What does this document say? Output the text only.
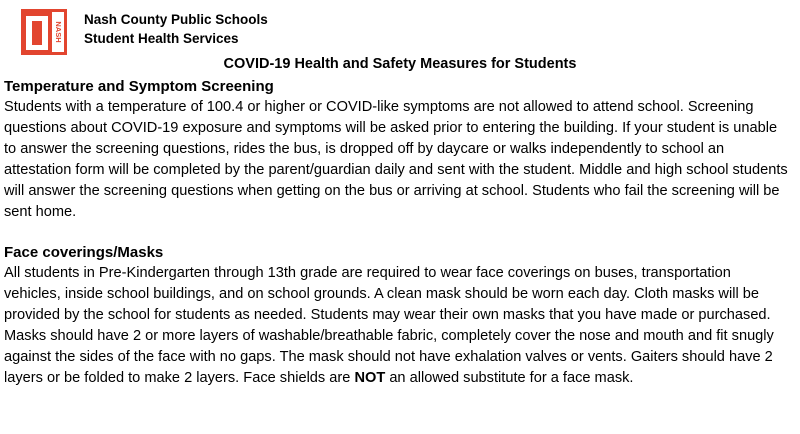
NASH
Nash County Public Schools
Student Health Services
COVID-19 Health and Safety Measures for Students

Temperature and Symptom Screening

Students with a temperature of 100.4 or higher or COVID-like symptoms are not allowed to attend school. Screening questions about COVID-19 exposure and symptoms will be asked prior to entering the building. If your student is unable to answer the screening questions, rides the bus, is dropped off by daycare or walks independently to school an attestation form will be completed by the parent/guardian daily and sent with the student. Middle and high school students will answer the screening questions when getting on the bus or arriving at school. Students who fail the screening will be sent home.

Face coverings/Masks

All students in Pre-Kindergarten through 13th grade are required to wear face coverings on buses, transportation vehicles, inside school buildings, and on school grounds. A clean mask should be worn each day. Cloth masks will be provided by the school for students as needed. Students may wear their own masks that you have made or purchased. Masks should have 2 or more layers of washable/breathable fabric, completely cover the nose and mouth and fit snugly against the sides of the face with no gaps. The mask should not have exhalation valves or vents. Gaiters should have 2 layers or be folded to make 2 layers. Face shields are NOT an allowed substitute for a face mask.
